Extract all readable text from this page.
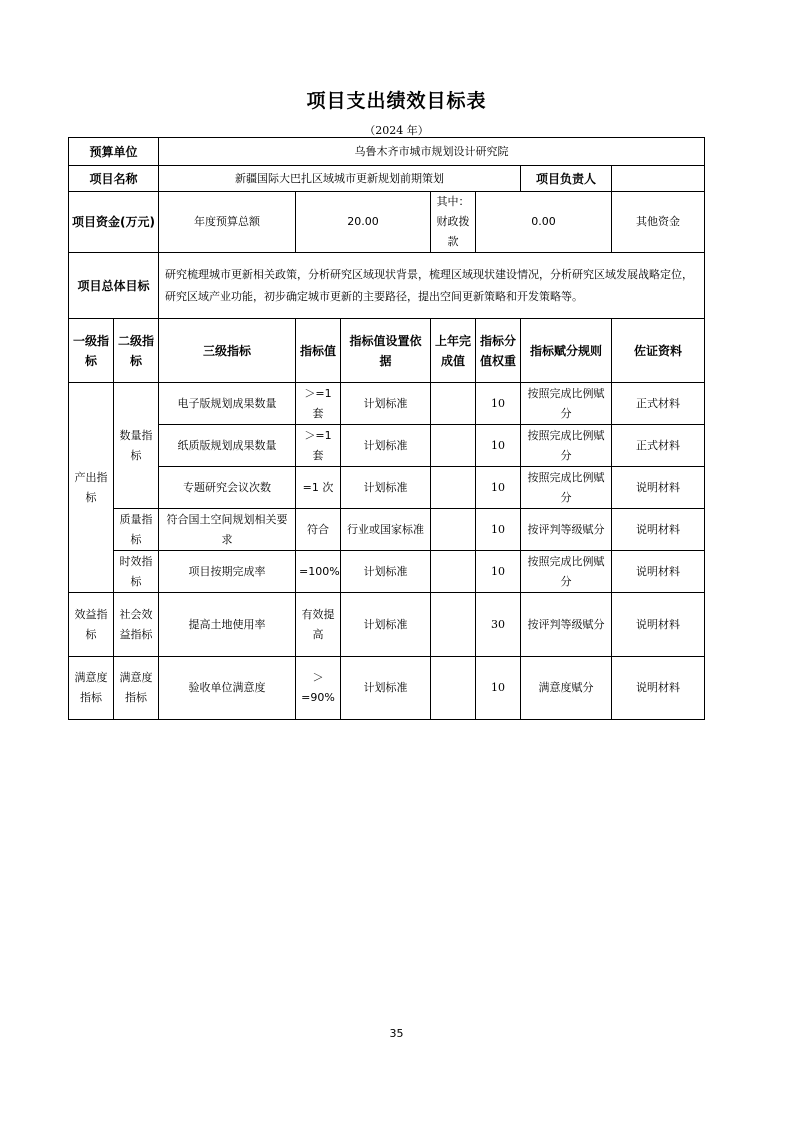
项目支出绩效目标表
（2024 年）
预算单位		乌鲁木齐市城市规划设计研究院							
项目名称		新疆国际大巴扎区域城市更新规划前期策划					项目负责人		
项目资金(万元)		年度预算总额	20.00		其中：财政拨款	0.00		其他资金	
项目总体目标		研究梳理城市更新相关政策，分析研究区域现状背景，梳理区域现状建设情况，分析研究区域发展战略定位，研究区域产业功能，初步确定城市更新的主要路径，提出空间更新策略和开发策略等。							
一级指标	二级指标	三级指标	指标值	指标值设置依据	上年完成值	指标分值权重	指标赋分规则	佐证资料	
产出指标	数量指标	电子版规划成果数量	＞=1 套	计划标准		10	按照完成比例赋分	正式材料	
		纸质版规划成果数量	＞=1 套	计划标准		10	按照完成比例赋分	正式材料	
		专题研究会议次数	=1 次	计划标准		10	按照完成比例赋分	说明材料	
	质量指标	符合国土空间规划相关要求	符合	行业或国家标准		10	按评判等级赋分	说明材料	
	时效指标	项目按期完成率	=100%	计划标准		10	按照完成比例赋分	说明材料	
效益指标	社会效益指标	提高土地使用率	有效提高	计划标准		30	按评判等级赋分	说明材料	
满意度指标	满意度指标	验收单位满意度	＞=90%	计划标准		10	满意度赋分	说明材料	
35
